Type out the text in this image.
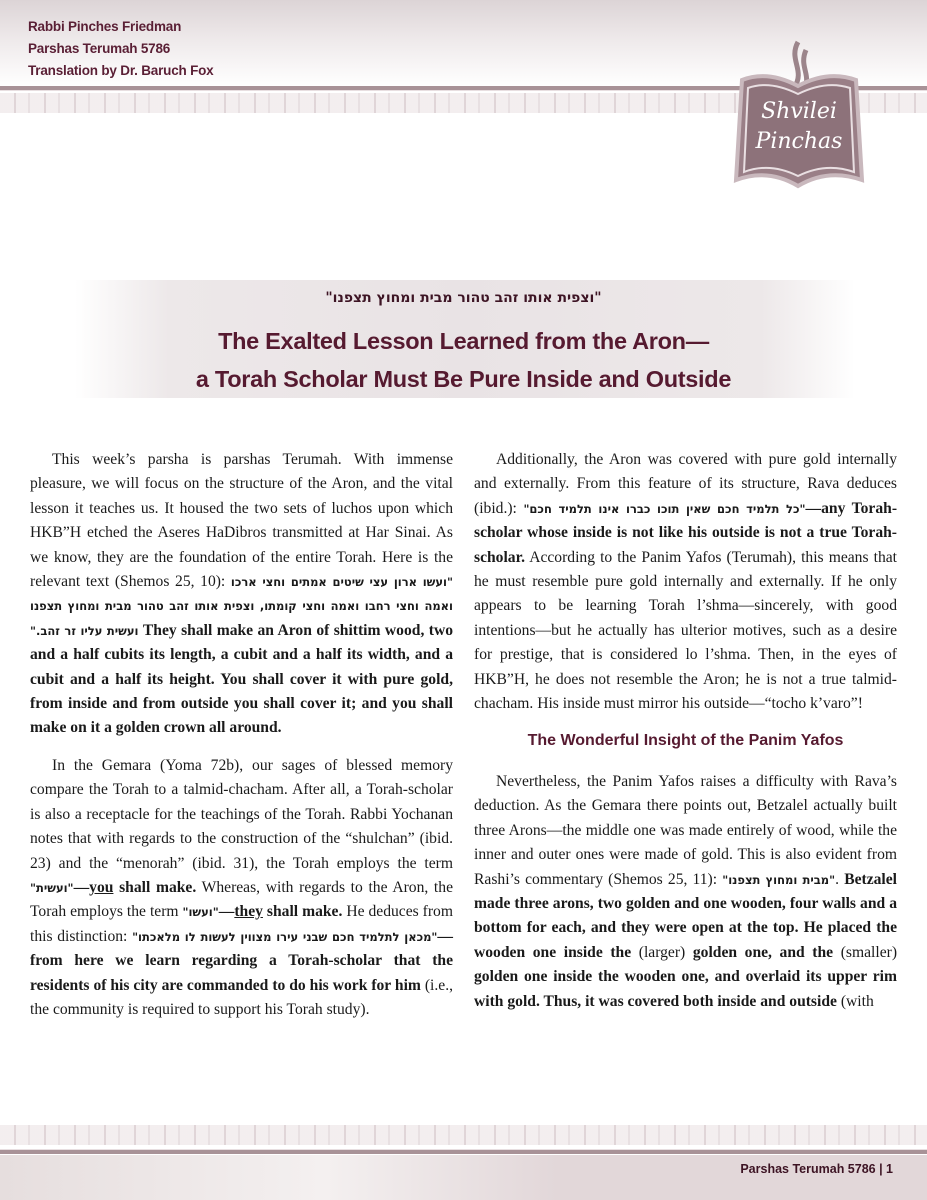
Rabbi Pinches Friedman
Parshas Terumah 5786
Translation by Dr. Baruch Fox
Shvilei
Pinchas
"וצפית אותו זהב טהור מבית ומחוץ תצפנו"
The Exalted Lesson Learned from the Aron—
a Torah Scholar Must Be Pure Inside and Outside

This week’s parsha is parshas Terumah. With immense pleasure, we will focus on the structure of the Aron, and the vital lesson it teaches us. It housed the two sets of luchos upon which HKB”H etched the Aseres HaDibros transmitted at Har Sinai. As we know, they are the foundation of the entire Torah. Here is the relevant text (Shemos 25, 10): "ועשו ארון עצי שיטים אמתים וחצי ארכו ואמה וחצי רחבו ואמה וחצי קומתו, וצפית אותו זהב טהור מבית ומחוץ תצפנו ועשית עליו זר זהב." They shall make an Aron of shittim wood, two and a half cubits its length, a cubit and a half its width, and a cubit and a half its height. You shall cover it with pure gold, from inside and from outside you shall cover it; and you shall make on it a golden crown all around.

In the Gemara (Yoma 72b), our sages of blessed memory compare the Torah to a talmid-chacham. After all, a Torah-scholar is also a receptacle for the teachings of the Torah. Rabbi Yochanan notes that with regards to the construction of the “shulchan” (ibid. 23) and the “menorah” (ibid. 31), the Torah employs the term "ועשית"—you shall make. Whereas, with regards to the Aron, the Torah employs the term "ועשו"—they shall make. He deduces from this distinction: "מכאן לתלמיד חכם שבני עירו מצווין לעשות לו מלאכתו"—from here we learn regarding a Torah-scholar that the residents of his city are commanded to do his work for him (i.e., the community is required to support his Torah study).

Additionally, the Aron was covered with pure gold internally and externally. From this feature of its structure, Rava deduces (ibid.): "כל תלמיד חכם שאין תוכו כברו אינו תלמיד חכם"—any Torah-scholar whose inside is not like his outside is not a true Torah-scholar. According to the Panim Yafos (Terumah), this means that he must resemble pure gold internally and externally. If he only appears to be learning Torah l’shma—sincerely, with good intentions—but he actually has ulterior motives, such as a desire for prestige, that is considered lo l’shma. Then, in the eyes of HKB”H, he does not resemble the Aron; he is not a true talmid-chacham. His inside must mirror his outside—“tocho k’varo”!

The Wonderful Insight of the Panim Yafos

Nevertheless, the Panim Yafos raises a difficulty with Rava’s deduction. As the Gemara there points out, Betzalel actually built three Arons—the middle one was made entirely of wood, while the inner and outer ones were made of gold. This is also evident from Rashi’s commentary (Shemos 25, 11): "מבית ומחוץ תצפנו". Betzalel made three arons, two golden and one wooden, four walls and a bottom for each, and they were open at the top. He placed the wooden one inside the (larger) golden one, and the (smaller) golden one inside the wooden one, and overlaid its upper rim with gold. Thus, it was covered both inside and outside (with

Parshas Terumah 5786 | 1
